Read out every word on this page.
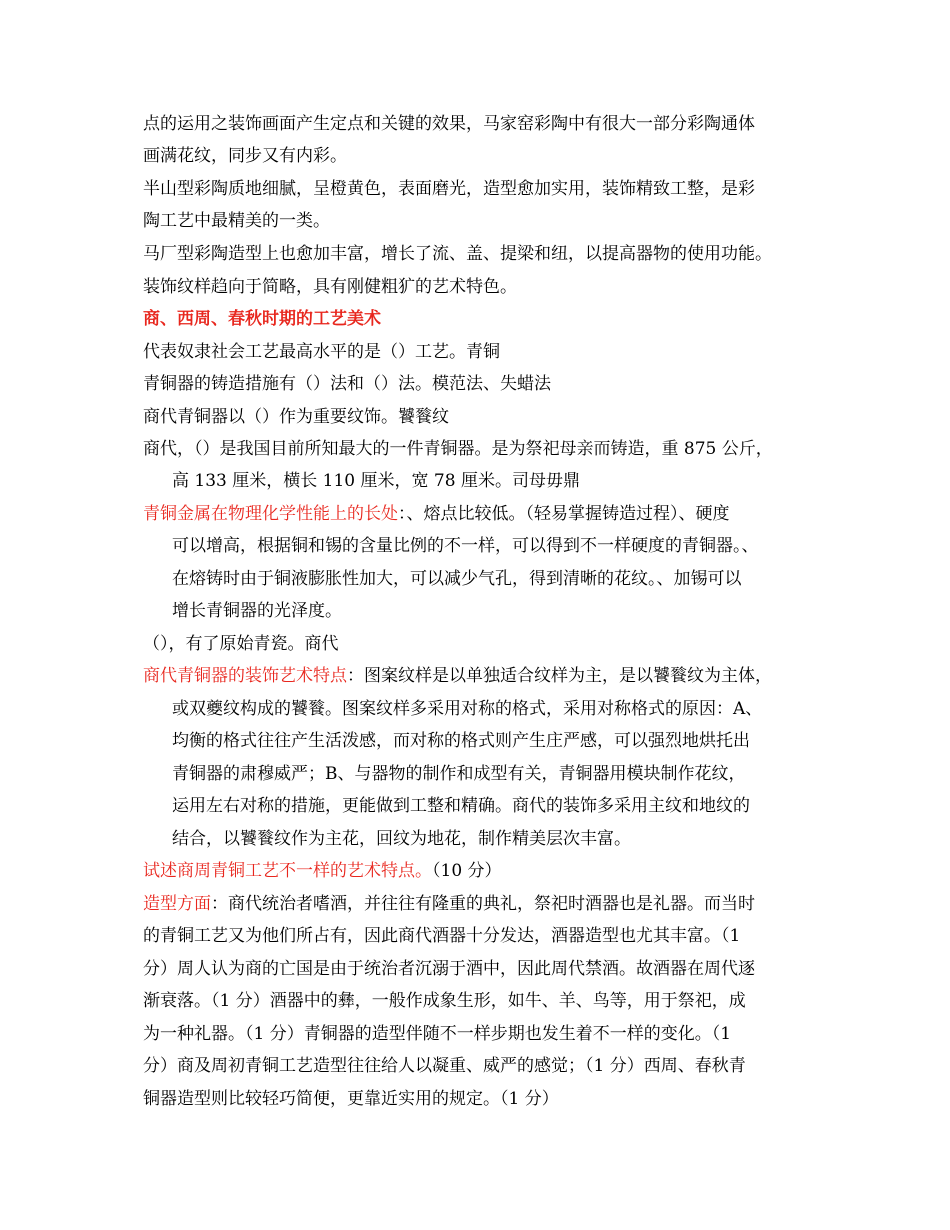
点的运用之装饰画面产生定点和关键的效果，马家窑彩陶中有很大一部分彩陶通体
画满花纹，同步又有内彩。
半山型彩陶质地细腻，呈橙黄色，表面磨光，造型愈加实用，装饰精致工整，是彩
陶工艺中最精美的一类。
马厂型彩陶造型上也愈加丰富，增长了流、盖、提梁和纽，以提高器物的使用功能。
装饰纹样趋向于简略，具有刚健粗犷的艺术特色。
商、西周、春秋时期的工艺美术
代表奴隶社会工艺最高水平的是（）工艺。青铜
青铜器的铸造措施有（）法和（）法。模范法、失蜡法
商代青铜器以（）作为重要纹饰。饕餮纹
商代，（）是我国目前所知最大的一件青铜器。是为祭祀母亲而铸造，重 875 公斤，
高 133 厘米，横长 110 厘米，宽 78 厘米。司母毋鼎
青铜金属在物理化学性能上的长处：、熔点比较低。（轻易掌握铸造过程）、硬度
可以增高，根据铜和锡的含量比例的不一样，可以得到不一样硬度的青铜器。、
在熔铸时由于铜液膨胀性加大，可以减少气孔，得到清晰的花纹。、加锡可以
增长青铜器的光泽度。
（），有了原始青瓷。商代
商代青铜器的装饰艺术特点：图案纹样是以单独适合纹样为主，是以饕餮纹为主体，
或双夔纹构成的饕餮。图案纹样多采用对称的格式，采用对称格式的原因：A、
均衡的格式往往产生活泼感，而对称的格式则产生庄严感，可以强烈地烘托出
青铜器的肃穆威严；B、与器物的制作和成型有关，青铜器用模块制作花纹，
运用左右对称的措施，更能做到工整和精确。商代的装饰多采用主纹和地纹的
结合，以饕餮纹作为主花，回纹为地花，制作精美层次丰富。
试述商周青铜工艺不一样的艺术特点。（10 分）
造型方面：商代统治者嗜酒，并往往有隆重的典礼，祭祀时酒器也是礼器。而当时
的青铜工艺又为他们所占有，因此商代酒器十分发达，酒器造型也尤其丰富。（1
分）周人认为商的亡国是由于统治者沉溺于酒中，因此周代禁酒。故酒器在周代逐
渐衰落。（1 分）酒器中的彝，一般作成象生形，如牛、羊、鸟等，用于祭祀，成
为一种礼器。（1 分）青铜器的造型伴随不一样步期也发生着不一样的变化。（1
分）商及周初青铜工艺造型往往给人以凝重、威严的感觉；（1 分）西周、春秋青
铜器造型则比较轻巧简便，更靠近实用的规定。（1 分）
